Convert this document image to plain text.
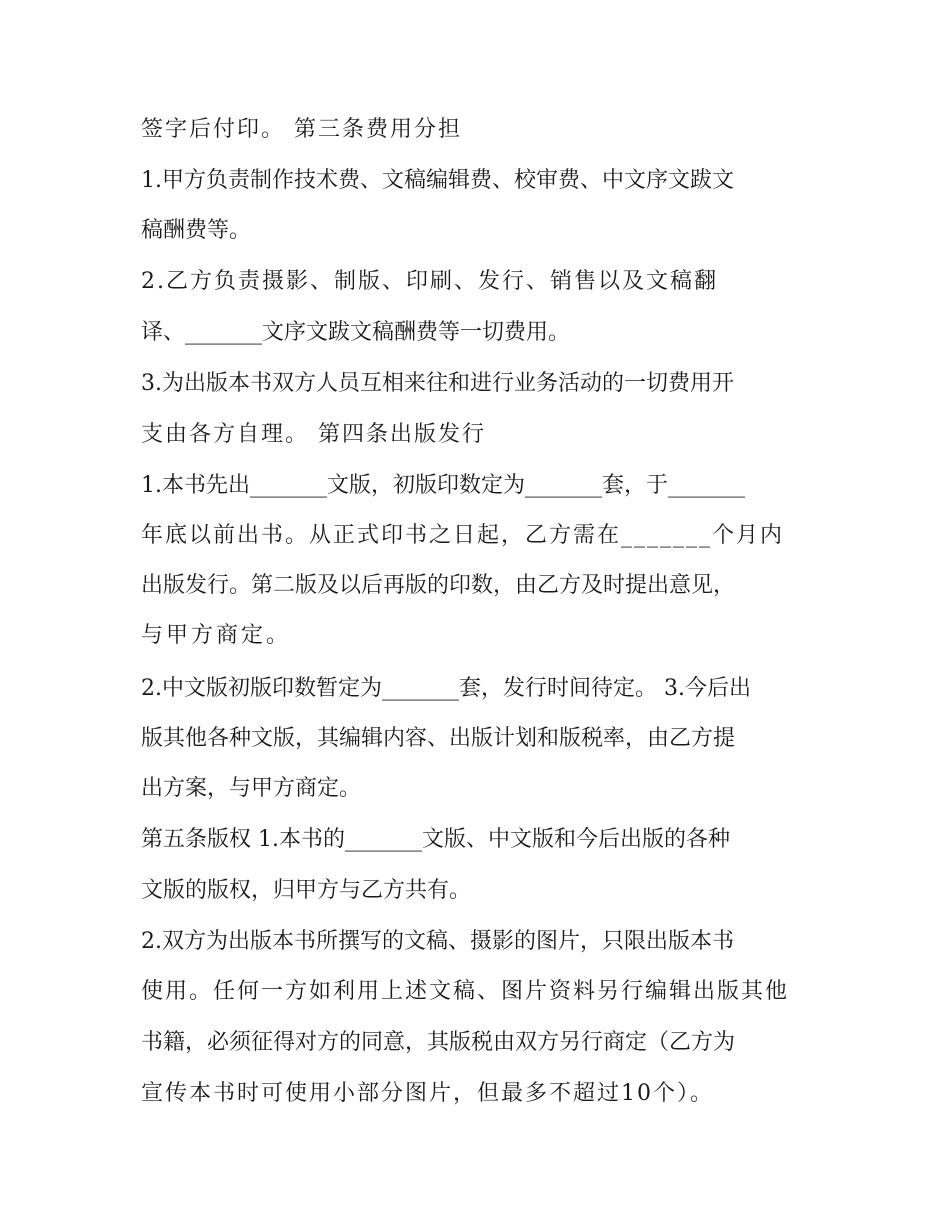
签字后付印。 第三条费用分担
1.甲方负责制作技术费、文稿编辑费、校审费、中文序文跋文
稿酬费等。
2.乙方负责摄影、制版、印刷、发行、销售以及文稿翻
译、_______文序文跋文稿酬费等一切费用。
3.为出版本书双方人员互相来往和进行业务活动的一切费用开
支由各方自理。 第四条出版发行
1.本书先出_______文版，初版印数定为_______套，于_______
年底以前出书。从正式印书之日起，乙方需在_______个月内
出版发行。第二版及以后再版的印数，由乙方及时提出意见，
与甲方商定。
2.中文版初版印数暂定为_______套，发行时间待定。 3.今后出
版其他各种文版，其编辑内容、出版计划和版税率，由乙方提
出方案，与甲方商定。
第五条版权 1.本书的_______文版、中文版和今后出版的各种
文版的版权，归甲方与乙方共有。
2.双方为出版本书所撰写的文稿、摄影的图片，只限出版本书
使用。任何一方如利用上述文稿、图片资料另行编辑出版其他
书籍，必须征得对方的同意，其版税由双方另行商定（乙方为
宣传本书时可使用小部分图片，但最多不超过10个）。
